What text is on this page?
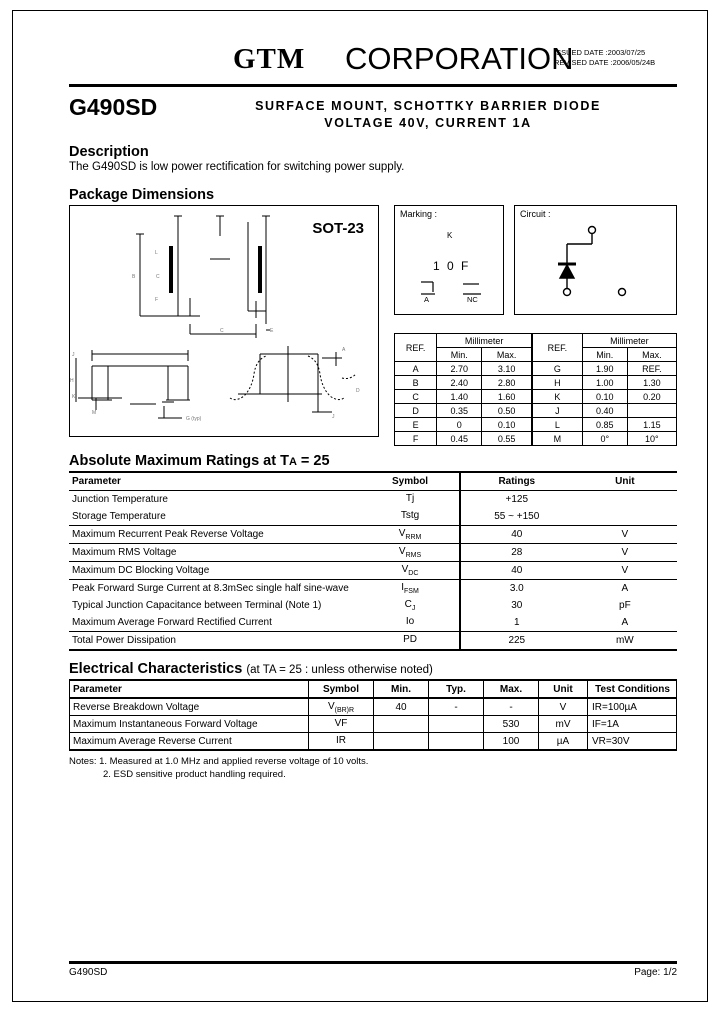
GTM CORPORATION
ISSUED DATE :2003/07/25
REVISED DATE :2006/05/24B
G490SD	SURFACE MOUNT, SCHOTTKY BARRIER DIODE
VOLTAGE 40V, CURRENT 1A
Description

The G490SD is low power rectification for switching power supply.

Package Dimensions
SOT-23
L
B	C
F
C	E
J
H
K
M
G (typ)
A
D
J
Marking :
K
1 0 F
A	NC
Circuit :
REF.	Millimeter		REF.	Millimeter	
	Min.	Max.		Min.	Max.
A	2.70	3.10	G	1.90	REF.
B	2.40	2.80	H	1.00	1.30
C	1.40	1.60	K	0.10	0.20
D	0.35	0.50	J	0.40	
E	0	0.10	L	0.85	1.15
F	0.45	0.55	M	0°	10°
Absolute Maximum Ratings at TA = 25
Parameter	Symbol	Ratings	Unit
Junction Temperature	Tj	+125	
Storage Temperature	Tstg	55 ~ +150	
Maximum Recurrent Peak Reverse Voltage	$V_{RRM}$	40	V
Maximum RMS Voltage	$V_{RMS}$	28	V
Maximum DC Blocking Voltage	$V_{DC}$	40	V
Peak Forward Surge Current at 8.3mSec single half sine-wave	$I_{FSM}$	3.0	A
Typical Junction Capacitance between Terminal (Note 1)	$C_J$	30	pF
Maximum Average Forward Rectified Current	Io	1	A
Total Power Dissipation	PD	225	mW
Electrical Characteristics (at TA = 25 : unless otherwise noted)
Parameter	Symbol	Min.	Typ.	Max.	Unit	Test Conditions
Reverse Breakdown Voltage	$V_{(BR)R}$	40	-	-	V	IR=100µA
Maximum Instantaneous Forward Voltage	VF			530	mV	IF=1A
Maximum Average Reverse Current	IR			100	µA	VR=30V
Notes: 1. Measured at 1.0 MHz and applied reverse voltage of 10 volts.
2. ESD sensitive product handling required.
G490SD	Page: 1/2
